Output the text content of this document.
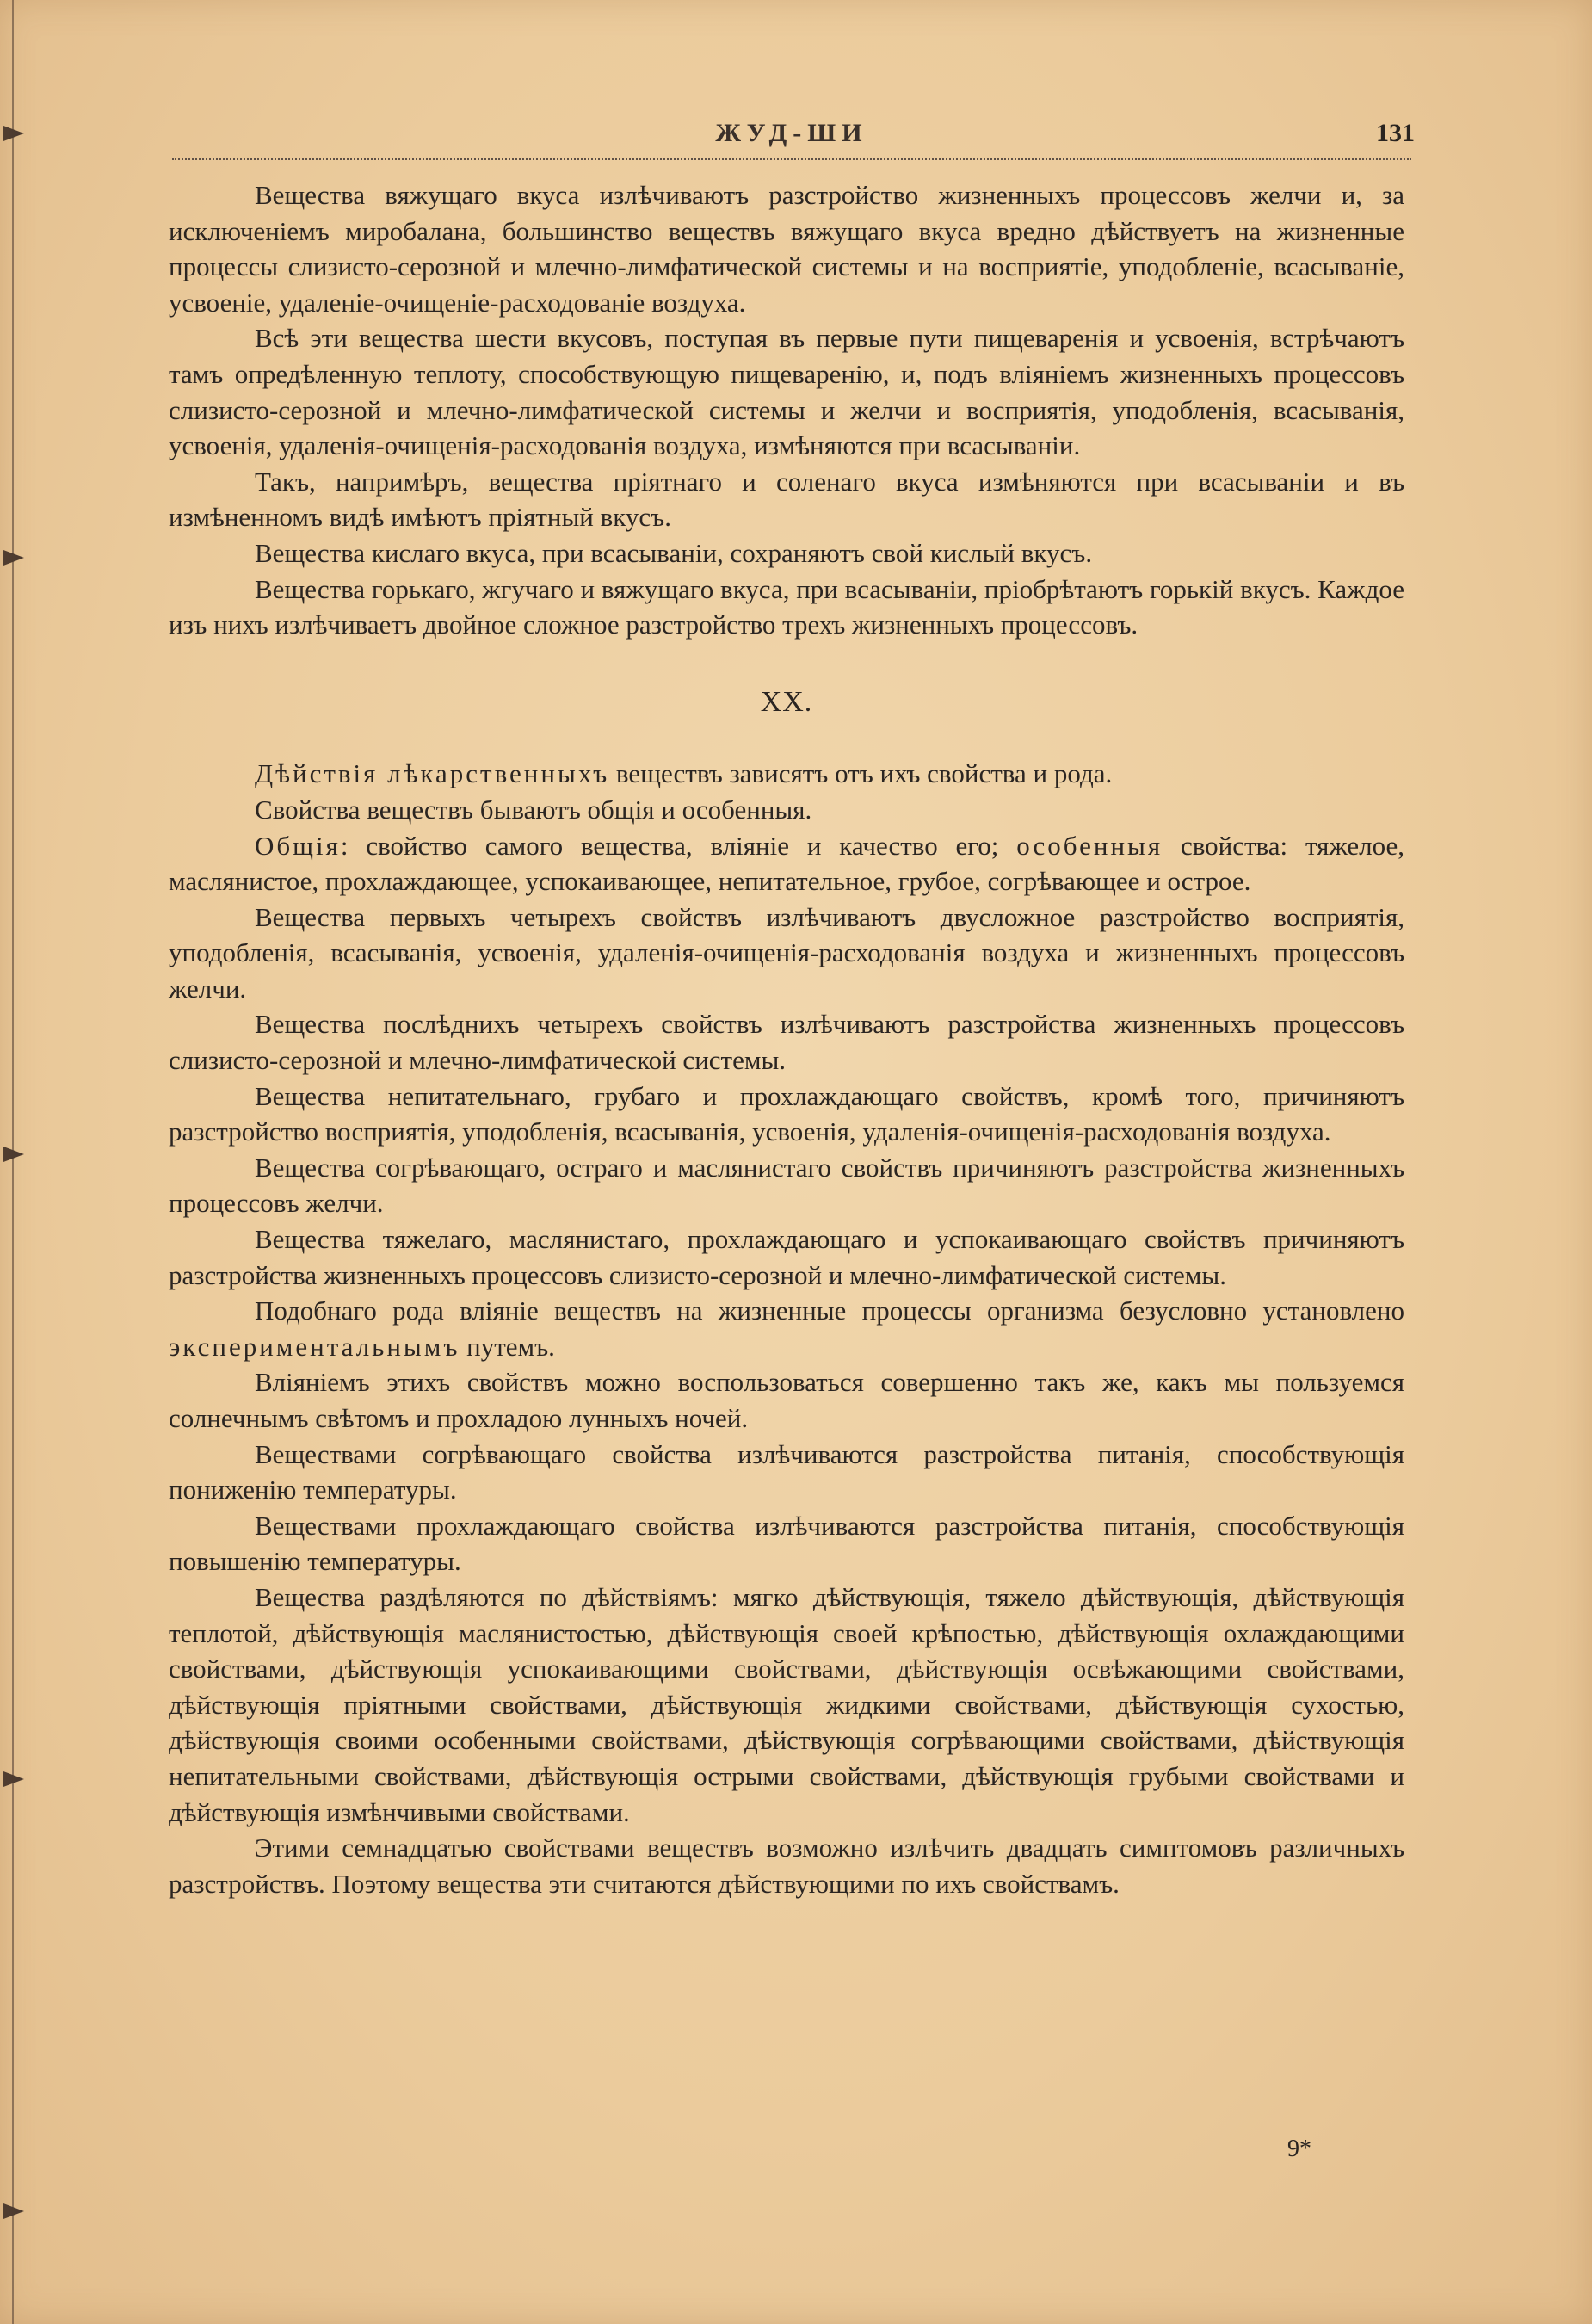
ЖУД-ШИ	131

Вещества вяжущаго вкуса излѣчиваютъ разстройство жизненныхъ процессовъ желчи и, за исключенiемъ миробалана, большинство веществъ вяжущаго вкуса вредно дѣйствуетъ на жизненные процессы слизисто-серозной и млечно-лимфатической системы и на восприятiе, уподобленiе, всасыванiе, усвоенiе, удаленiе-очищенiе-расходованiе воздуха.

Всѣ эти вещества шести вкусовъ, поступая въ первые пути пищеваренiя и усвоенiя, встрѣчаютъ тамъ опредѣленную теплоту, способствующую пищеваренiю, и, подъ вліянiемъ жизненныхъ процессовъ слизисто-серозной и млечно-лимфатической системы и желчи и восприятiя, уподобленiя, всасыванiя, усвоенiя, удаленiя-очищенiя-расходованiя воздуха, измѣняются при всасыванiи.

Такъ, напримѣръ, вещества прiятнаго и соленаго вкуса измѣняются при всасыванiи и въ измѣненномъ видѣ имѣютъ прiятный вкусъ.

Вещества кислаго вкуса, при всасыванiи, сохраняютъ свой кислый вкусъ.

Вещества горькаго, жгучаго и вяжущаго вкуса, при всасыванiи, прiобрѣтаютъ горькiй вкусъ. Каждое изъ нихъ излѣчиваетъ двойное сложное разстройство трехъ жизненныхъ процессовъ.

XX.

Дѣйствiя лѣкарственныхъ веществъ зависятъ отъ ихъ свойства и рода.

Свойства веществъ бываютъ общiя и особенныя.

Общiя: свойство самого вещества, вліянiе и качество его; особенныя свойства: тяжелое, маслянистое, прохлаждающее, успокаивающее, непитательное, грубое, согрѣвающее и острое.

Вещества первыхъ четырехъ свойствъ излѣчиваютъ двусложное разстройство восприятiя, уподобленiя, всасыванiя, усвоенiя, удаленiя-очищенiя-расходованiя воздуха и жизненныхъ процессовъ желчи.

Вещества послѣднихъ четырехъ свойствъ излѣчиваютъ разстройства жизненныхъ процессовъ слизисто-серозной и млечно-лимфатической системы.

Вещества непитательнаго, грубаго и прохлаждающаго свойствъ, кромѣ того, причиняютъ разстройство восприятiя, уподобленiя, всасыванiя, усвоенiя, удаленiя-очищенiя-расходованiя воздуха.

Вещества согрѣвающаго, остраго и маслянистаго свойствъ причиняютъ разстройства жизненныхъ процессовъ желчи.

Вещества тяжелаго, маслянистаго, прохлаждающаго и успокаивающаго свойствъ причиняютъ разстройства жизненныхъ процессовъ слизисто-серозной и млечно-лимфатической системы.

Подобнаго рода вліянiе веществъ на жизненные процессы организма безусловно установлено экспериментальнымъ путемъ.

Вліянiемъ этихъ свойствъ можно воспользоваться совершенно такъ же, какъ мы пользуемся солнечнымъ свѣтомъ и прохладою лунныхъ ночей.

Веществами согрѣвающаго свойства излѣчиваются разстройства питанiя, способствующiя пониженiю температуры.

Веществами прохлаждающаго свойства излѣчиваются разстройства питанiя, способствующiя повышенiю температуры.

Вещества раздѣляются по дѣйствiямъ: мягко дѣйствующiя, тяжело дѣйствующiя, дѣйствующiя теплотой, дѣйствующiя маслянистостью, дѣйствующiя своей крѣпостью, дѣйствующiя охлаждающими свойствами, дѣйствующiя успокаивающими свойствами, дѣйствующiя освѣжающими свойствами, дѣйствующiя прiятными свойствами, дѣйствующiя жидкими свойствами, дѣйствующiя сухостью, дѣйствующiя своими особенными свойствами, дѣйствующiя согрѣвающими свойствами, дѣйствующiя непитательными свойствами, дѣйствующiя острыми свойствами, дѣйствующiя грубыми свойствами и дѣйствующiя измѣнчивыми свойствами.

Этими семнадцатью свойствами веществъ возможно излѣчить двадцать симптомовъ различныхъ разстройствъ. Поэтому вещества эти считаются дѣйствующими по ихъ свойствамъ.

9*
